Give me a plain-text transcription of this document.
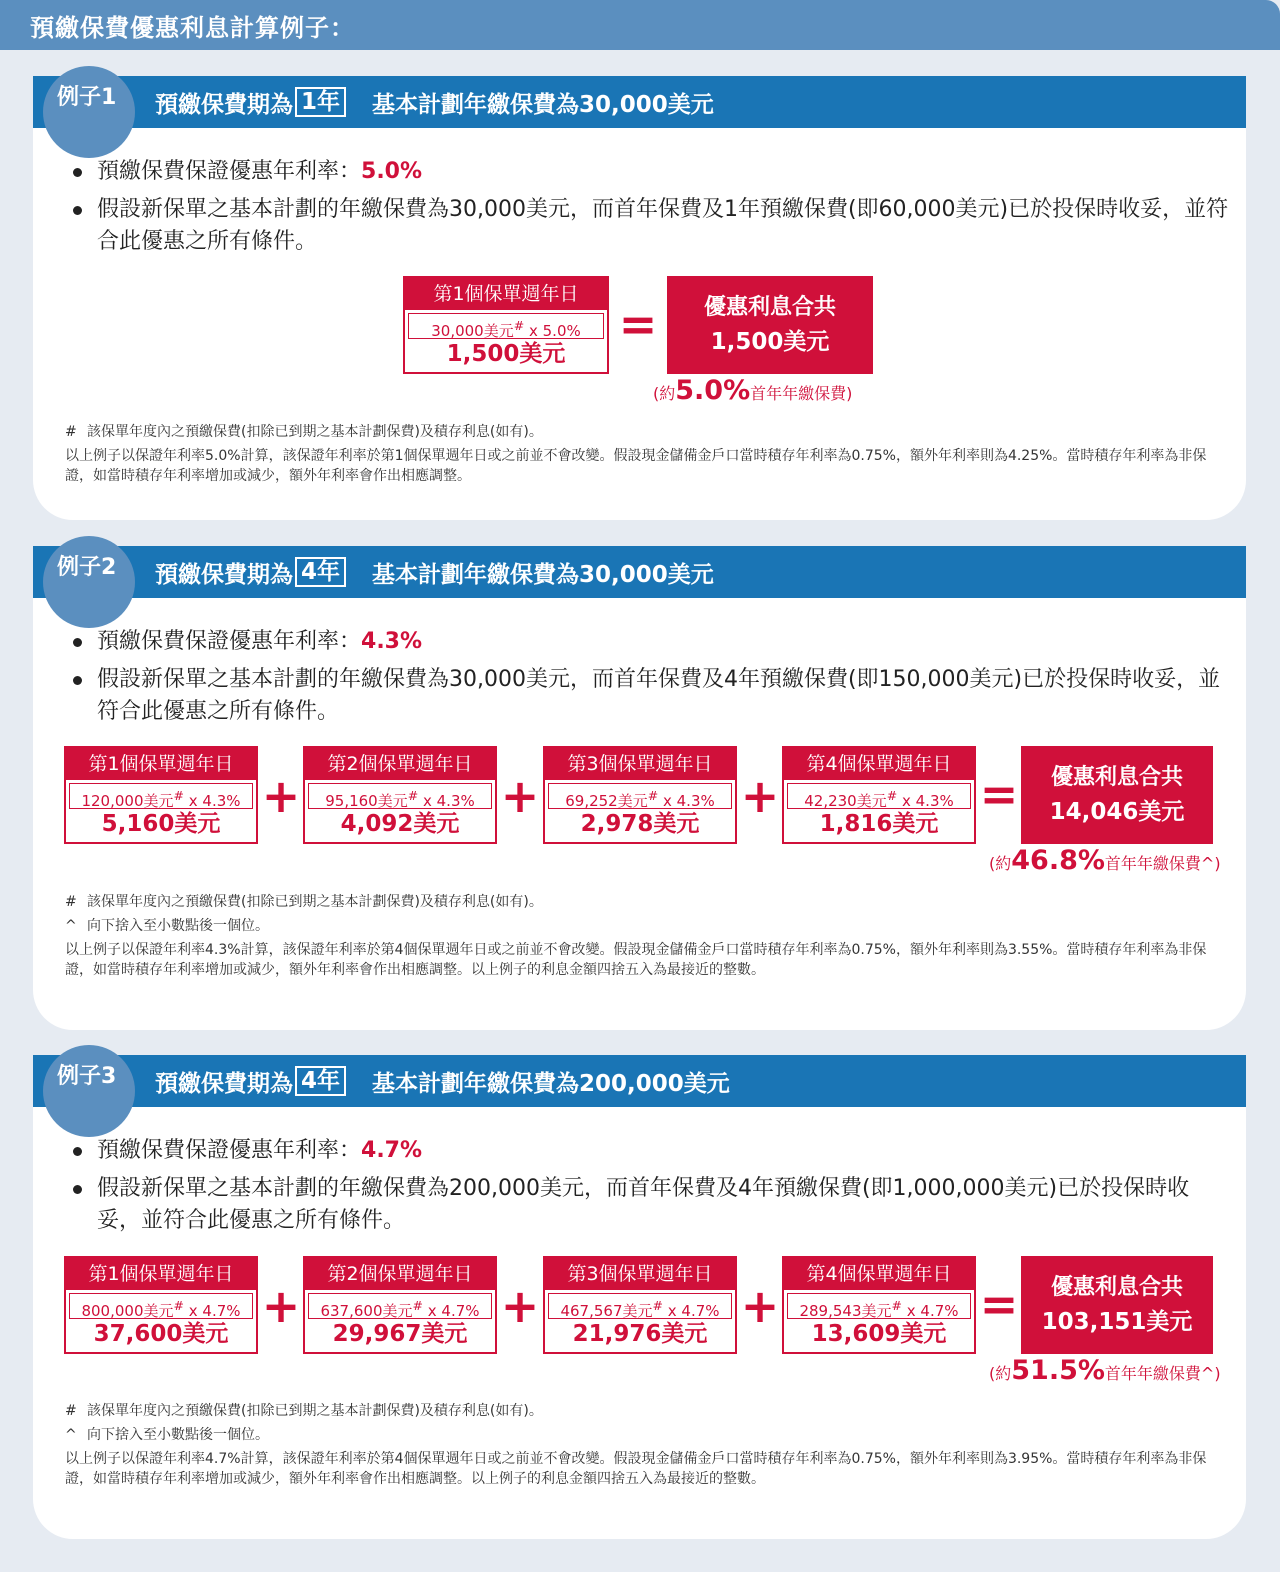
預繳保費優惠利息計算例子：
例子1 預繳保費期為 1年 基本計劃年繳保費為30,000美元
預繳保費保證優惠年利率：5.0%
假設新保單之基本計劃的年繳保費為30,000美元，而首年保費及1年預繳保費(即60,000美元)已於投保時收妥，並符合此優惠之所有條件。
第1個保單週年日
30,000美元# x 5.0%
1,500美元
=	優惠利息合共
1,500美元
(約5.0%首年年繳保費)

# 該保單年度內之預繳保費(扣除已到期之基本計劃保費)及積存利息(如有)。

以上例子以保證年利率5.0%計算，該保證年利率於第1個保單週年日或之前並不會改變。假設現金儲備金戶口當時積存年利率為0.75%，額外年利率則為4.25%。當時積存年利率為非保證，如當時積存年利率增加或減少，額外年利率會作出相應調整。

例子2 預繳保費期為 4年 基本計劃年繳保費為30,000美元
預繳保費保證優惠年利率：4.3%
假設新保單之基本計劃的年繳保費為30,000美元，而首年保費及4年預繳保費(即150,000美元)已於投保時收妥，並符合此優惠之所有條件。
第1個保單週年日
120,000美元# x 4.3%
5,160美元
+
第2個保單週年日
95,160美元# x 4.3%
4,092美元
+
第3個保單週年日
69,252美元# x 4.3%
2,978美元
+
第4個保單週年日
42,230美元# x 4.3%
1,816美元
=	優惠利息合共
14,046美元
(約46.8%首年年繳保費^)

# 該保單年度內之預繳保費(扣除已到期之基本計劃保費)及積存利息(如有)。

^ 向下捨入至小數點後一個位。

以上例子以保證年利率4.3%計算，該保證年利率於第4個保單週年日或之前並不會改變。假設現金儲備金戶口當時積存年利率為0.75%，額外年利率則為3.55%。當時積存年利率為非保證，如當時積存年利率增加或減少，額外年利率會作出相應調整。以上例子的利息金額四捨五入為最接近的整數。

例子3 預繳保費期為 4年 基本計劃年繳保費為200,000美元
預繳保費保證優惠年利率：4.7%
假設新保單之基本計劃的年繳保費為200,000美元，而首年保費及4年預繳保費(即1,000,000美元)已於投保時收妥，並符合此優惠之所有條件。
第1個保單週年日
800,000美元# x 4.7%
37,600美元
+
第2個保單週年日
637,600美元# x 4.7%
29,967美元
+
第3個保單週年日
467,567美元# x 4.7%
21,976美元
+
第4個保單週年日
289,543美元# x 4.7%
13,609美元
=	優惠利息合共
103,151美元
(約51.5%首年年繳保費^)

# 該保單年度內之預繳保費(扣除已到期之基本計劃保費)及積存利息(如有)。

^ 向下捨入至小數點後一個位。

以上例子以保證年利率4.7%計算，該保證年利率於第4個保單週年日或之前並不會改變。假設現金儲備金戶口當時積存年利率為0.75%，額外年利率則為3.95%。當時積存年利率為非保證，如當時積存年利率增加或減少，額外年利率會作出相應調整。以上例子的利息金額四捨五入為最接近的整數。
